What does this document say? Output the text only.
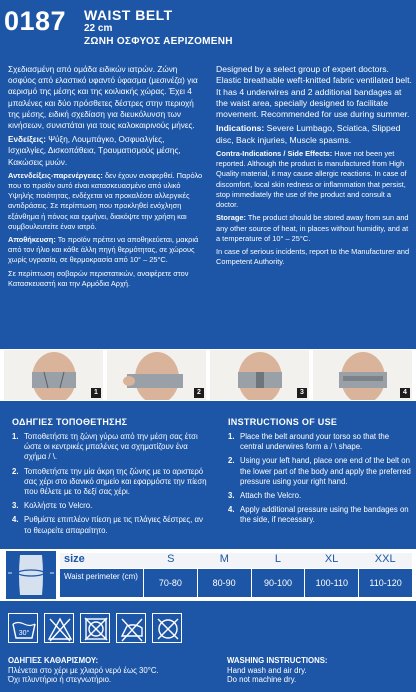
0187 WAIST BELT
22 cm
ΖΩΝΗ ΟΣΦΥΟΣ ΑΕΡΙΖΟΜΕΝΗ

Σχεδιασμένη από ομάδα ειδικών ιατρών. Ζώνη οσφύος από ελαστικό υφαντό ύφασμα (μεσινέζα) για αερισμό της μέσης και της κοιλιακής χώρας. Έχει 4 μπαλένες και δύο πρόσθετες δέστρες στην περιοχή της μέσης, ειδική σχεδίαση για διευκόλυνση των κινήσεων, συνιστάται για τους καλοκαιρινούς μήνες.

Ενδείξεις: Ψύξη, Λουμπάγκο, Οσφυαλγίες, Ισχιαλγίες, Δισκοπάθεια, Τραυματισμούς μέσης, Κακώσεις μυών.

Αντενδείξεις-παρενέργειες: δεν έχουν αναφερθεί. Παρόλο που το προϊόν αυτό είναι κατασκευασμένο από υλικό Υψηλής ποιότητας, ενδέχεται να προκαλέσει αλλεργικές αντιδράσεις. Σε περίπτωση που προκληθεί ενόχληση εξάνθημα ή πόνος και ερμήνει, διακόψτε την χρήση και συμβουλευτείτε έναν ιατρό.

Αποθήκευση: Το προϊόν πρέπει να αποθηκεύεται, μακριά από τον ήλιο και κάθε άλλη πηγή θερμότητας, σε χώρους χωρίς υγρασία, σε θερμοκρασία από 10° – 25°C.

Σε περίπτωση σοβαρών περιστατικών, αναφέρετε στον Κατασκευαστή και την Αρμόδια Αρχή.

Designed by a select group of expert doctors. Elastic breathable weft-knitted fabric ventilated belt. It has 4 underwires and 2 additional bandages at the waist area, specially designed to facilitate movement. Recommended for use during summer.

Indications: Severe Lumbago, Sciatica, Slipped disc, Back injuries, Muscle spasms.

Contra-Indications / Side Effects: Have not been yet reported. Although the product is manufactured from High Quality material, it may cause allergic reactions. In case of discomfort, local skin redness or inflammation that persist, stop immediately the use of the product and consult a doctor.

Storage: The product should be stored away from sun and any other source of heat, in places without humidity, and at a temperature of 10° – 25°C.

In case of serious incidents, report to the Manufacturer and Competent Authority.

1	2	3	4
ΟΔΗΓΙΕΣ ΤΟΠΟΘΕΤΗΣΗΣ
1. Τοποθετήστε τη ζώνη γύρω από την μέση σας έτσι ώστε οι κεντρικές μπαλένες να σχηματίζουν ένα σχήμα / \.
2. Τοποθετήστε την μία άκρη της ζώνης με το αριστερό σας χέρι στο ιδανικό σημείο και εφαρμόστε την πίεση που θέλετε με το δεξί σας χέρι.
3. Κολλήστε το Velcro.
4. Ρυθμίστε επιπλέον πίεση με τις πλάγιες δέστρες, αν το θεωρείτε απαραίτητο.
INSTRUCTIONS OF USE
1. Place the belt around your torso so that the central underwires form a / \ shape.
2. Using your left hand, place one end of the belt on the lower part of the body and apply the preferred pressure using your right hand.
3. Attach the Velcro.
4. Apply additional pressure using the bandages on the side, if necessary.
size	S	M	L	XL	XXL
Waist perimeter (cm)
70-80	80-90	90-100	100-110	110-120
30°
ΟΔΗΓΙΕΣ ΚΑΘΑΡΙΣΜΟΥ:
Πλένεται στο χέρι με χλιαρό νερό έως 30°C.
Όχι πλυντήριο ή στεγνωτήριο.
WASHING INSTRUCTIONS:
Hand wash and air dry.
Do not machine dry.
